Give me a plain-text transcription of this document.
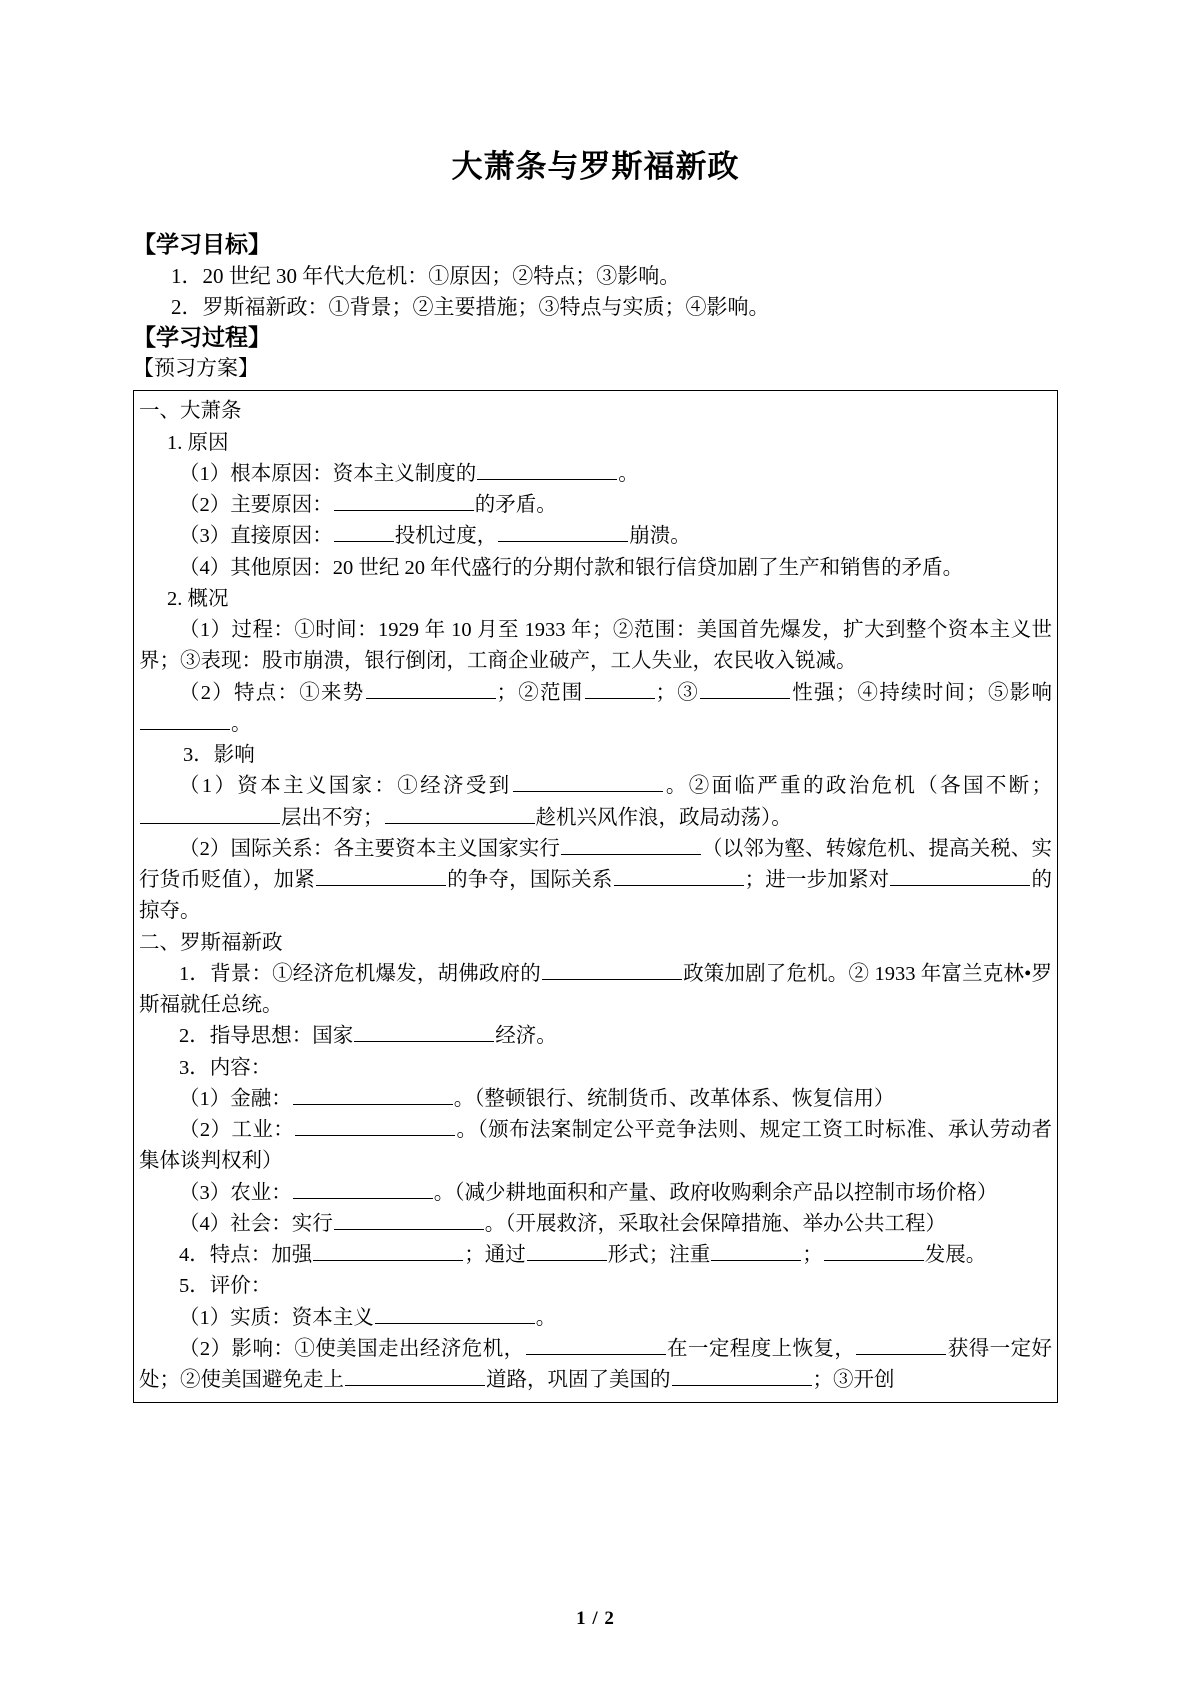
大萧条与罗斯福新政
【学习目标】
1．20 世纪 30 年代大危机：①原因；②特点；③影响。
2．罗斯福新政：①背景；②主要措施；③特点与实质；④影响。
【学习过程】
【预习方案】
一、大萧条
1. 原因
（1）根本原因：资本主义制度的	。
（2）主要原因：	的矛盾。
（3）直接原因：	投机过度，	崩溃。
（4）其他原因：20 世纪 20 年代盛行的分期付款和银行信贷加剧了生产和销售的矛盾。
2. 概况
（1）过程：①时间：1929 年 10 月至 1933 年；②范围：美国首先爆发，扩大到整个资本主义世界；③表现：股市崩溃，银行倒闭，工商企业破产，工人失业，农民收入锐减。
（2）特点：①来势	；②范围	；③	性强；④持续时间；⑤影响。
3．影响
（1）资本主义国家：①经济受到	。②面临严重的政治危机（各国不断；层出不穷；	趁机兴风作浪，政局动荡）。
（2）国际关系：各主要资本主义国家实行	（以邻为壑、转嫁危机、提高关税、实行货币贬值），加紧	的争夺，国际关系	；进一步加紧对	的掠夺。
二、罗斯福新政
1．背景：①经济危机爆发，胡佛政府的	政策加剧了危机。② 1933 年富兰克林•罗斯福就任总统。
2．指导思想：国家	经济。
3．内容：
（1）金融：	。（整顿银行、统制货币、改革体系、恢复信用）
（2）工业：	。（颁布法案制定公平竞争法则、规定工资工时标准、承认劳动者集体谈判权利）
（3）农业：	。（减少耕地面积和产量、政府收购剩余产品以控制市场价格）
（4）社会：实行	。（开展救济，采取社会保障措施、举办公共工程）
4．特点：加强	；通过	形式；注重	；	发展。
5．评价：
（1）实质：资本主义	。
（2）影响：①使美国走出经济危机，	在一定程度上恢复，	获得一定好处；②使美国避免走上	道路，巩固了美国的	；③开创
1 / 2
